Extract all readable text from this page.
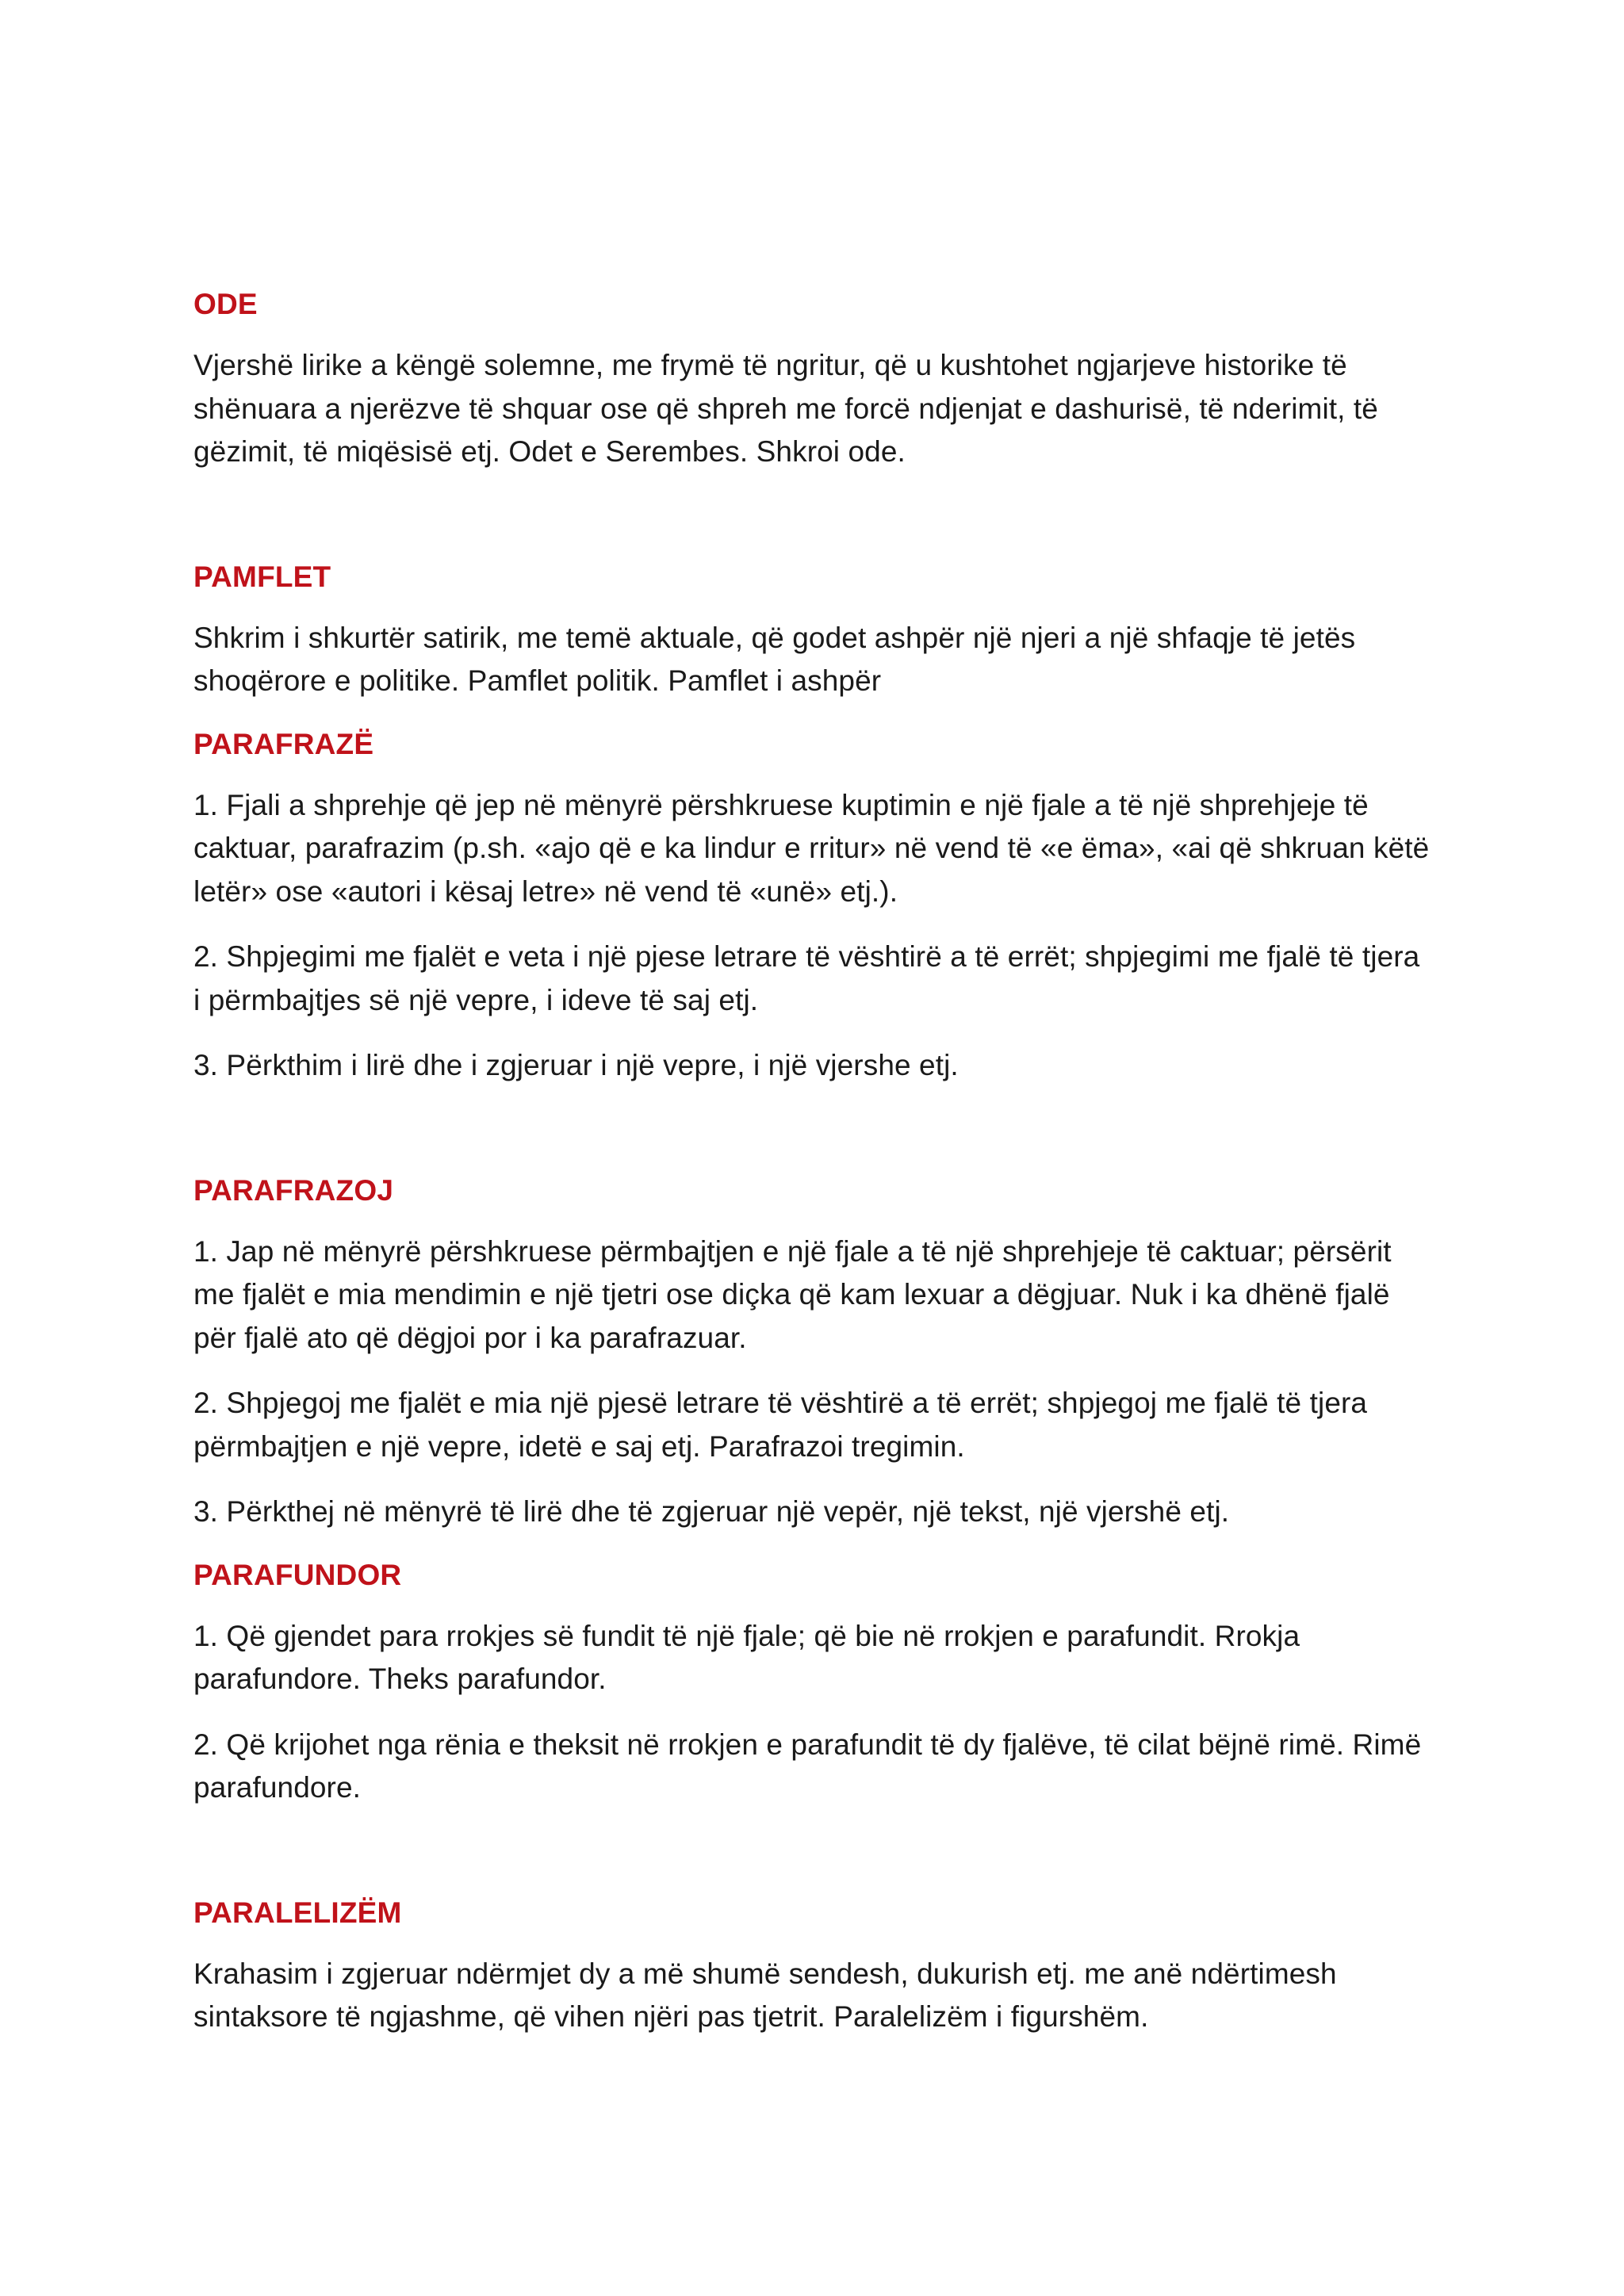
ODE

Vjershë lirike a këngë solemne, me frymë të ngritur, që u kushtohet ngjarjeve historike të shënuara a njerëzve të shquar ose që shpreh me forcë ndjenjat e dashurisë, të nderimit, të gëzimit, të miqësisë etj. Odet e Serembes. Shkroi ode.

PAMFLET

Shkrim i shkurtër satirik, me temë aktuale, që godet ashpër një njeri a një shfaqje të jetës shoqërore e politike. Pamflet politik. Pamflet i ashpër

PARAFRAZË

1. Fjali a shprehje që jep në mënyrë përshkruese kuptimin e një fjale a të një shprehjeje të caktuar, parafrazim (p.sh. «ajo që e ka lindur e rritur» në vend të «e ëma», «ai që shkruan këtë letër» ose «autori i kësaj letre» në vend të «unë» etj.).

2. Shpjegimi me fjalët e veta i një pjese letrare të vështirë a të errët; shpjegimi me fjalë të tjera i përmbajtjes së një vepre, i ideve të saj etj.

3. Përkthim i lirë dhe i zgjeruar i një vepre, i një vjershe etj.

PARAFRAZOJ

1. Jap në mënyrë përshkruese përmbajtjen e një fjale a të një shprehjeje të caktuar; përsërit me fjalët e mia mendimin e një tjetri ose diçka që kam lexuar a dëgjuar. Nuk i ka dhënë fjalë për fjalë ato që dëgjoi por i ka parafrazuar.

2. Shpjegoj me fjalët e mia një pjesë letrare të vështirë a të errët; shpjegoj me fjalë të tjera përmbajtjen e një vepre, idetë e saj etj. Parafrazoi tregimin.

3. Përkthej në mënyrë të lirë dhe të zgjeruar një vepër, një tekst, një vjershë etj.

PARAFUNDOR

1. Që gjendet para rrokjes së fundit të një fjale; që bie në rrokjen e parafundit. Rrokja parafundore. Theks parafundor.

2. Që krijohet nga rënia e theksit në rrokjen e parafundit të dy fjalëve, të cilat bëjnë rimë. Rimë parafundore.

PARALELIZËM

Krahasim i zgjeruar ndërmjet dy a më shumë sendesh, dukurish etj. me anë ndërtimesh sintaksore të ngjashme, që vihen njëri pas tjetrit. Paralelizëm i figurshëm.
